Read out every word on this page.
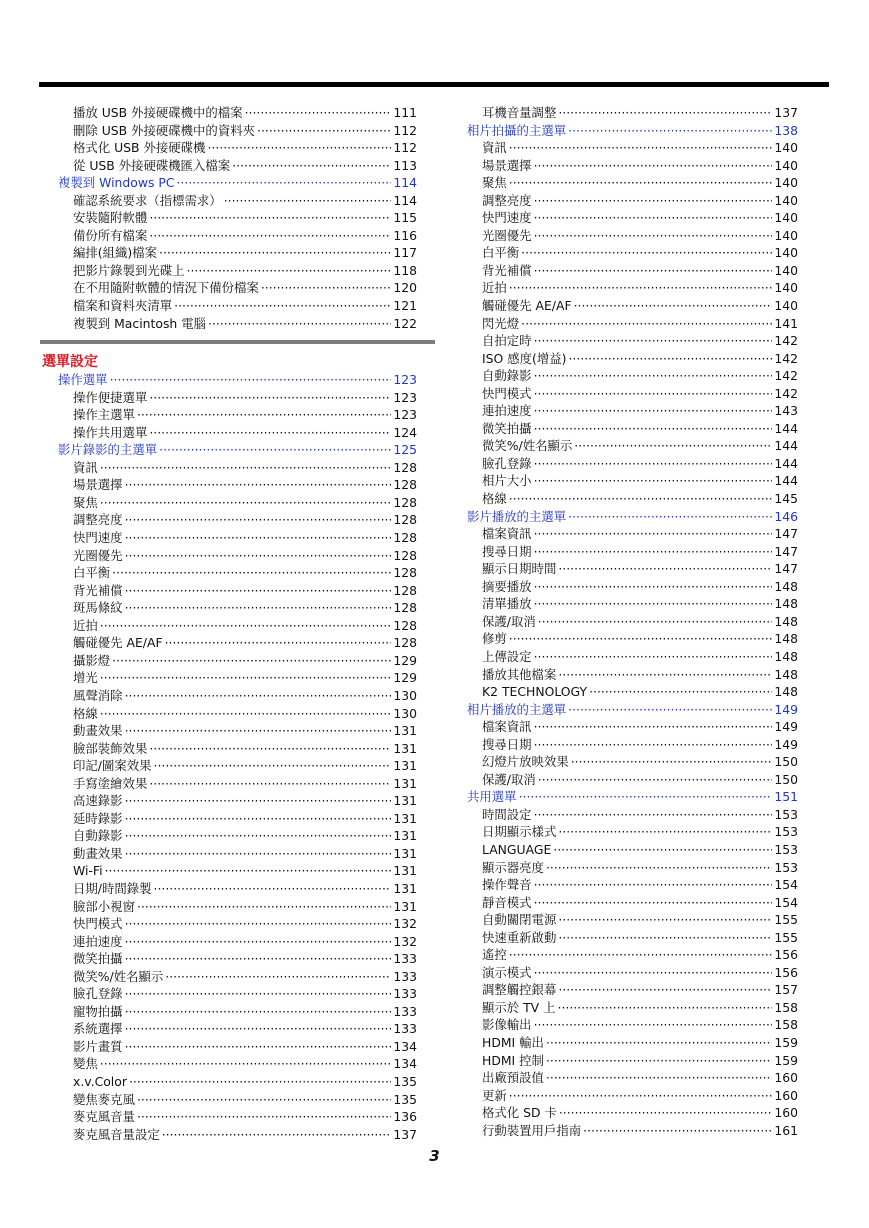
播放 USB 外接硬碟機中的檔案 ·····	111
刪除 USB 外接硬碟機中的資料夾 ·····	112
格式化 USB 外接硬碟機 ·····	112
從 USB 外接硬碟機匯入檔案 ·····	113
複製到 Windows PC ·····	114
確認系統要求（指標需求） ·····	114
安裝隨附軟體 ·····	115
備份所有檔案 ·····	116
編排(組織)檔案 ·····	117
把影片錄製到光碟上 ·····	118
在不用隨附軟體的情況下備份檔案 ·····	120
檔案和資料夾清單 ·····	121
複製到 Macintosh 電腦 ·····	122
選單設定
操作選單 ·····	123
操作便捷選單 ·····	123
操作主選單 ·····	123
操作共用選單 ·····	124
影片錄影的主選單 ·····	125
資訊 ·····	128
場景選擇 ·····	128
聚焦 ·····	128
調整亮度 ·····	128
快門速度 ·····	128
光圈優先 ·····	128
白平衡 ·····	128
背光補償 ·····	128
斑馬條紋 ·····	128
近拍 ·····	128
觸碰優先 AE/AF ·····	128
攝影燈 ·····	129
增光 ·····	129
風聲消除 ·····	130
格線 ·····	130
動畫效果 ·····	131
臉部裝飾效果 ·····	131
印記/圖案效果 ·····	131
手寫塗繪效果 ·····	131
高速錄影 ·····	131
延時錄影 ·····	131
自動錄影 ·····	131
動畫效果 ·····	131
Wi-Fi ·····	131
日期/時間錄製 ·····	131
臉部小視窗 ·····	131
快門模式 ·····	132
連拍速度 ·····	132
微笑拍攝 ·····	133
微笑%/姓名顯示 ·····	133
臉孔登錄 ·····	133
寵物拍攝 ·····	133
系統選擇 ·····	133
影片畫質 ·····	134
變焦 ·····	134
x.v.Color ·····	135
變焦麥克風 ·····	135
麥克風音量 ·····	136
麥克風音量設定 ·····	137
耳機音量調整 ·····	137
相片拍攝的主選單 ·····	138
資訊 ·····	140
場景選擇 ·····	140
聚焦 ·····	140
調整亮度 ·····	140
快門速度 ·····	140
光圈優先 ·····	140
白平衡 ·····	140
背光補償 ·····	140
近拍 ·····	140
觸碰優先 AE/AF ·····	140
閃光燈 ·····	141
自拍定時 ·····	142
ISO 感度(增益) ·····	142
自動錄影 ·····	142
快門模式 ·····	142
連拍速度 ·····	143
微笑拍攝 ·····	144
微笑%/姓名顯示 ·····	144
臉孔登錄 ·····	144
相片大小 ·····	144
格線 ·····	145
影片播放的主選單 ·····	146
檔案資訊 ·····	147
搜尋日期 ·····	147
顯示日期時間 ·····	147
摘要播放 ·····	148
清單播放 ·····	148
保護/取消 ·····	148
修剪 ·····	148
上傳設定 ·····	148
播放其他檔案 ·····	148
K2 TECHNOLOGY ·····	148
相片播放的主選單 ·····	149
檔案資訊 ·····	149
搜尋日期 ·····	149
幻燈片放映效果 ·····	150
保護/取消 ·····	150
共用選單 ·····	151
時間設定 ·····	153
日期顯示樣式 ·····	153
LANGUAGE ·····	153
顯示器亮度 ·····	153
操作聲音 ·····	154
靜音模式 ·····	154
自動關閉電源 ·····	155
快速重新啟動 ·····	155
遙控 ·····	156
演示模式 ·····	156
調整觸控銀幕 ·····	157
顯示於 TV 上 ·····	158
影像輸出 ·····	158
HDMI 輸出 ·····	159
HDMI 控制 ·····	159
出廠預設值 ·····	160
更新 ·····	160
格式化 SD 卡 ·····	160
行動裝置用戶指南 ·····	161
3
